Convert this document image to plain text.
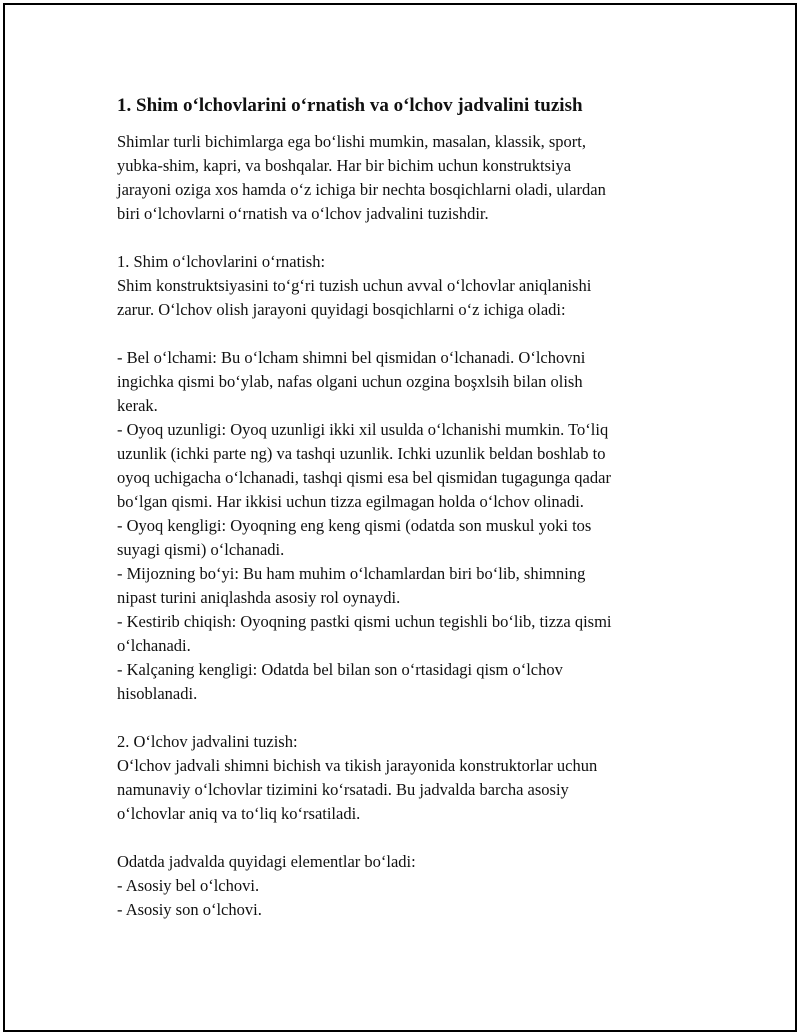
1. Shim o‘lchovlarini o‘rnatish va o‘lchov jadvalini tuzish
Shimlar turli bichimlarga ega bo‘lishi mumkin, masalan, klassik, sport,
yubka-shim, kapri, va boshqalar. Har bir bichim uchun konstruktsiya
jarayoni oziga xos hamda o‘z ichiga bir nechta bosqichlarni oladi, ulardan
biri o‘lchovlarni o‘rnatish va o‘lchov jadvalini tuzishdir.
1. Shim o‘lchovlarini o‘rnatish:
Shim konstruktsiyasini to‘g‘ri tuzish uchun avval o‘lchovlar aniqlanishi
zarur. O‘lchov olish jarayoni quyidagi bosqichlarni o‘z ichiga oladi:
- Bel o‘lchami: Bu o‘lcham shimni bel qismidan o‘lchanadi. O‘lchovni
ingichka qismi bo‘ylab, nafas olgani uchun ozgina boşxlsih bilan olish
kerak.
- Oyoq uzunligi: Oyoq uzunligi ikki xil usulda o‘lchanishi mumkin. To‘liq
uzunlik (ichki parte ng) va tashqi uzunlik. Ichki uzunlik beldan boshlab to
oyoq uchigacha o‘lchanadi, tashqi qismi esa bel qismidan tugagunga qadar
bo‘lgan qismi. Har ikkisi uchun tizza egilmagan holda o‘lchov olinadi.
- Oyoq kengligi: Oyoqning eng keng qismi (odatda son muskul yoki tos
suyagi qismi) o‘lchanadi.
- Mijozning bo‘yi: Bu ham muhim o‘lchamlardan biri bo‘lib, shimning
nipast turini aniqlashda asosiy rol oynaydi.
- Kestirib chiqish: Oyoqning pastki qismi uchun tegishli bo‘lib, tizza qismi
o‘lchanadi.
- Kalçaning kengligi: Odatda bel bilan son o‘rtasidagi qism o‘lchov
hisoblanadi.
2. O‘lchov jadvalini tuzish:
O‘lchov jadvali shimni bichish va tikish jarayonida konstruktorlar uchun
namunaviy o‘lchovlar tizimini ko‘rsatadi. Bu jadvalda barcha asosiy
o‘lchovlar aniq va to‘liq ko‘rsatiladi.
Odatda jadvalda quyidagi elementlar bo‘ladi:
- Asosiy bel o‘lchovi.
- Asosiy son o‘lchovi.
